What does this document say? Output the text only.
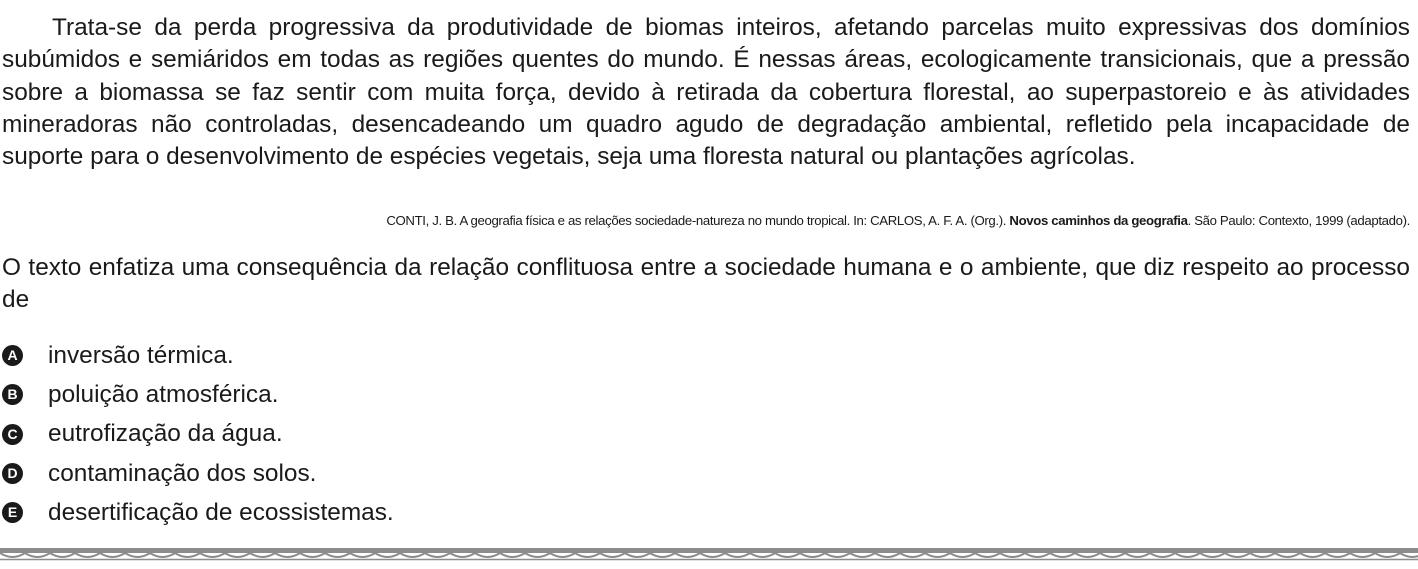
Trata-se da perda progressiva da produtividade de biomas inteiros, afetando parcelas muito expressivas dos domínios subúmidos e semiáridos em todas as regiões quentes do mundo. É nessas áreas, ecologicamente transicionais, que a pressão sobre a biomassa se faz sentir com muita força, devido à retirada da cobertura florestal, ao superpastoreio e às atividades mineradoras não controladas, desencadeando um quadro agudo de degradação ambiental, refletido pela incapacidade de suporte para o desenvolvimento de espécies vegetais, seja uma floresta natural ou plantações agrícolas.

CONTI, J. B. A geografia física e as relações sociedade-natureza no mundo tropical. In: CARLOS, A. F. A. (Org.). Novos caminhos da geografia. São Paulo: Contexto, 1999 (adaptado).

O texto enfatiza uma consequência da relação conflituosa entre a sociedade humana e o ambiente, que diz respeito ao processo de

A inversão térmica.
B poluição atmosférica.
C eutrofização da água.
D contaminação dos solos.
E desertificação de ecossistemas.
